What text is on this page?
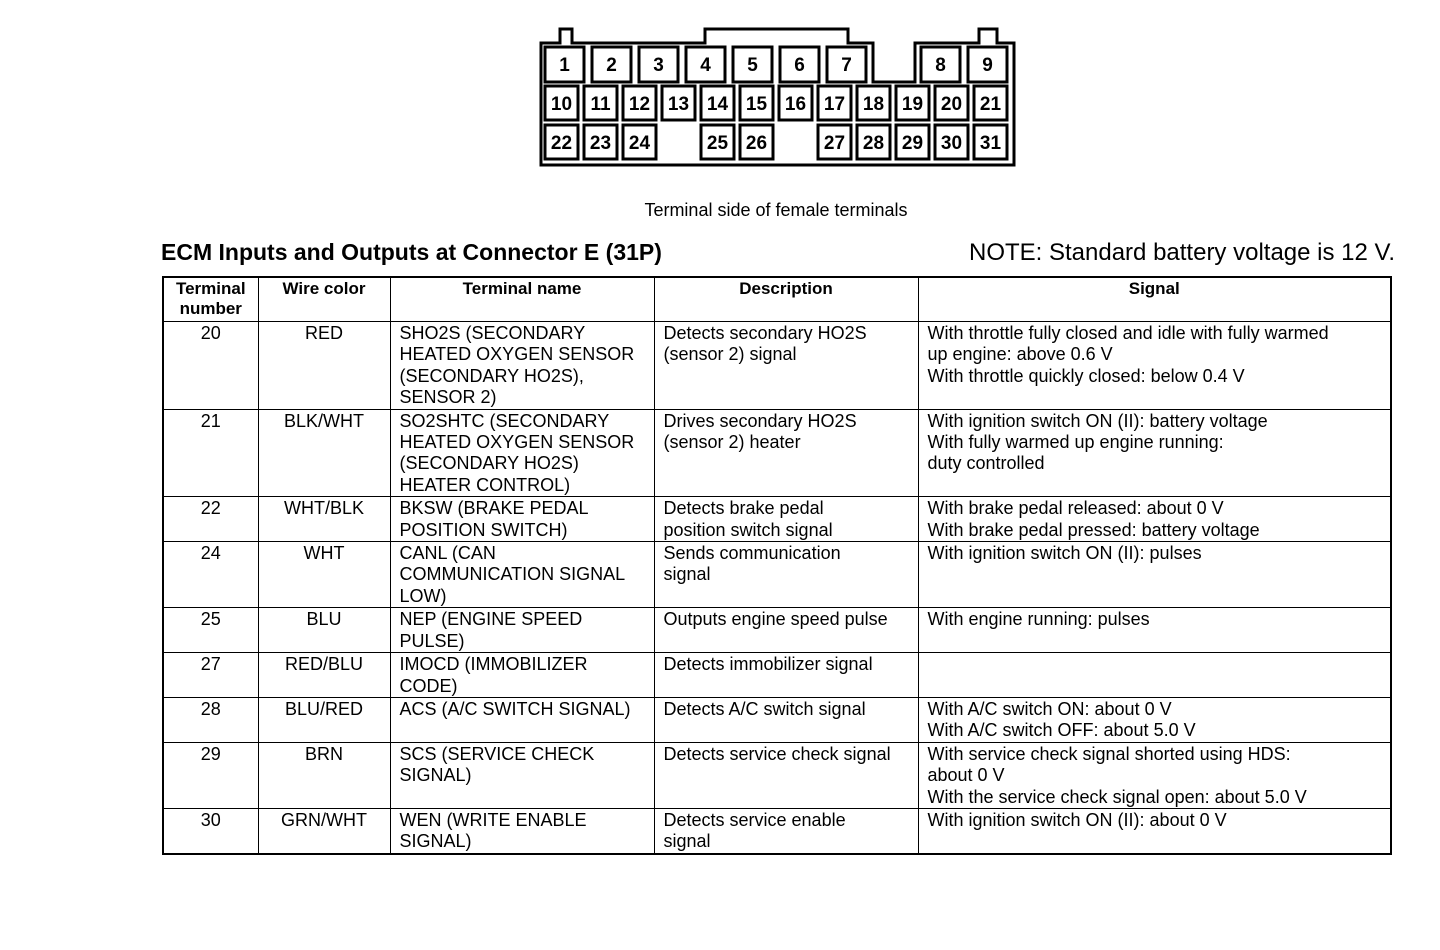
1 2 3 4 5 6 7	8 9
10 11 12 13 14 15 16 17 18 19 20 21
22 23 24	25 26	27 28 29 30 31
Terminal side of female terminals
ECM Inputs and Outputs at Connector E (31P)	NOTE: Standard battery voltage is 12 V.
Terminal
number	Wire color	Terminal name	Description	Signal
20	RED	SHO2S (SECONDARY
HEATED OXYGEN SENSOR
(SECONDARY HO2S),
SENSOR 2)	Detects secondary HO2S
(sensor 2) signal	With throttle fully closed and idle with fully warmed
up engine: above 0.6 V
With throttle quickly closed: below 0.4 V

21	BLK/WHT	SO2SHTC (SECONDARY
HEATED OXYGEN SENSOR
(SECONDARY HO2S)
HEATER CONTROL)	Drives secondary HO2S
(sensor 2) heater	With ignition switch ON (II): battery voltage
With fully warmed up engine running:
duty controlled

22	WHT/BLK	BKSW (BRAKE PEDAL
POSITION SWITCH)	Detects brake pedal
position switch signal	With brake pedal released: about 0 V
With brake pedal pressed: battery voltage

24	WHT	CANL (CAN
COMMUNICATION SIGNAL
LOW)	Sends communication
signal	With ignition switch ON (II): pulses

25	BLU	NEP (ENGINE SPEED
PULSE)	Outputs engine speed pulse	With engine running: pulses

27	RED/BLU	IMOCD (IMMOBILIZER
CODE)	Detects immobilizer signal	

28	BLU/RED	ACS (A/C SWITCH SIGNAL)	Detects A/C switch signal	With A/C switch ON: about 0 V
With A/C switch OFF: about 5.0 V

29	BRN	SCS (SERVICE CHECK
SIGNAL)	Detects service check signal	With service check signal shorted using HDS:
about 0 V
With the service check signal open: about 5.0 V

30	GRN/WHT	WEN (WRITE ENABLE
SIGNAL)	Detects service enable
signal	With ignition switch ON (II): about 0 V
